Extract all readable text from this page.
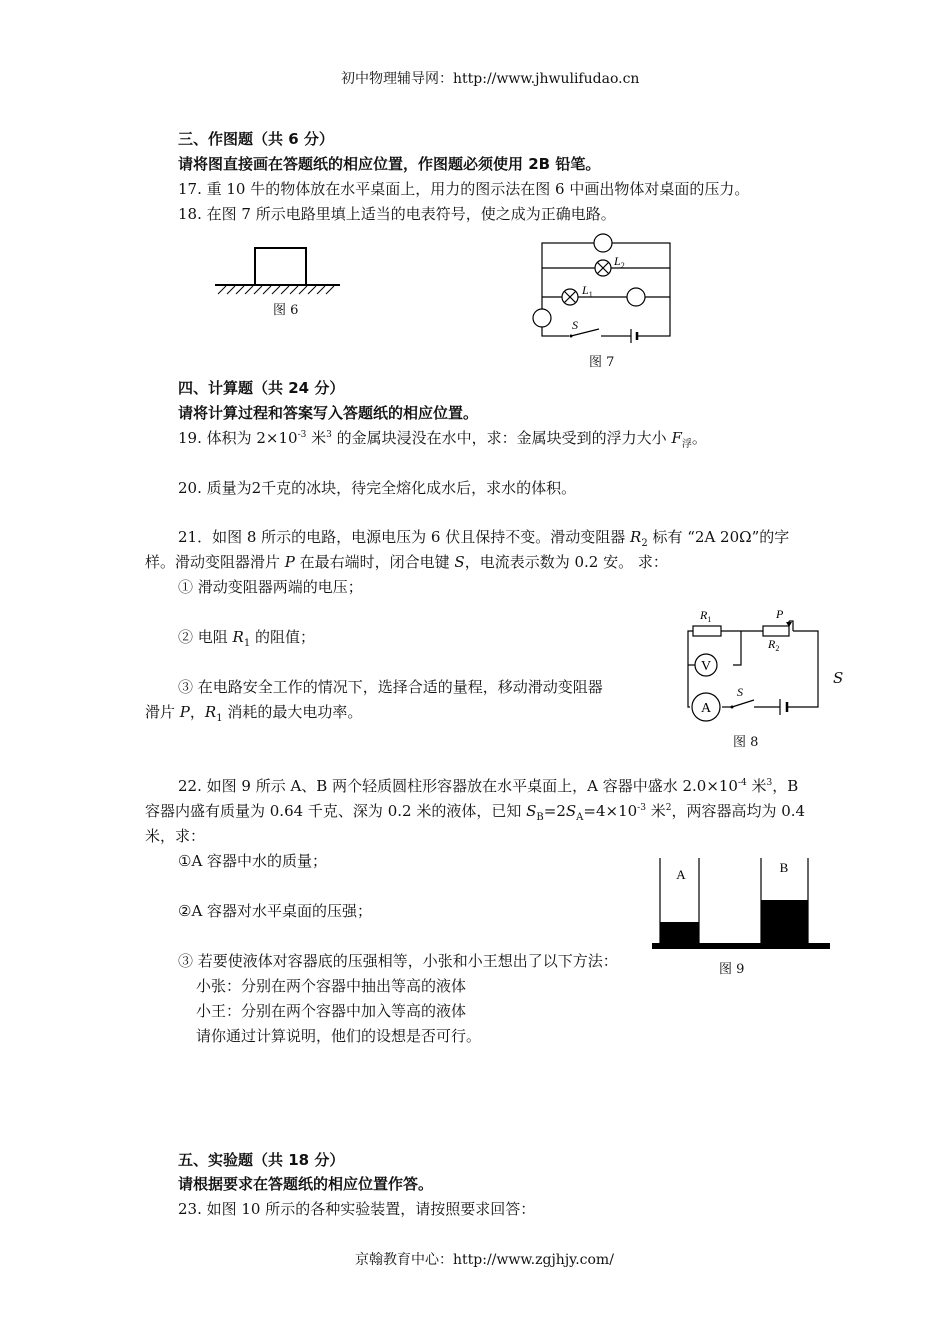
初中物理辅导网：http://www.jhwulifudao.cn
三、作图题（共 6 分）
请将图直接画在答题纸的相应位置，作图题必须使用 2B 铅笔。
17. 重 10 牛的物体放在水平桌面上，用力的图示法在图 6 中画出物体对桌面的压力。
18. 在图 7 所示电路里填上适当的电表符号，使之成为正确电路。
图 6
$L_2$
$L_1$
S
图 7
四、计算题（共 24 分）
请将计算过程和答案写入答题纸的相应位置。
19. 体积为 $2\times 10^{-3}$ 米$^3$ 的金属块浸没在水中，求：金属块受到的浮力大小 $F_浮$。
20. 质量为2千克的冰块，待完全熔化成水后，求水的体积。
21．如图 8 所示的电路，电源电压为 6 伏且保持不变。滑动变阻器 $R_2$ 标有 “2A 20Ω”的字
样。滑动变阻器滑片 P 在最右端时，闭合电键 S，电流表示数为 0.2 安。 求：
① 滑动变阻器两端的电压；
② 电阻 $R_1$ 的阻值；
③ 在电路安全工作的情况下，选择合适的量程，移动滑动变阻器
滑片 P，$R_1$ 消耗的最大电功率。
$R_1$	P
$R_2$
V
A
S
S
图 8
22. 如图 9 所示 A、B 两个轻质圆柱形容器放在水平桌面上，A 容器中盛水 $2.0\times 10^{-4}$ 米$^3$，B
容器内盛有质量为 0.64 千克、深为 0.2 米的液体，已知 $S_B=2S_A=4\times 10^{-3}$ 米$^2$，两容器高均为 0.4
米，求：
①A 容器中水的质量；
②A 容器对水平桌面的压强；
③ 若要使液体对容器底的压强相等，小张和小王想出了以下方法：
小张：分别在两个容器中抽出等高的液体
小王：分别在两个容器中加入等高的液体
请你通过计算说明，他们的设想是否可行。
A	B
图 9
五、实验题（共 18 分）
请根据要求在答题纸的相应位置作答。
23. 如图 10 所示的各种实验装置，请按照要求回答：
京翰教育中心：http://www.zgjhjy.com/
